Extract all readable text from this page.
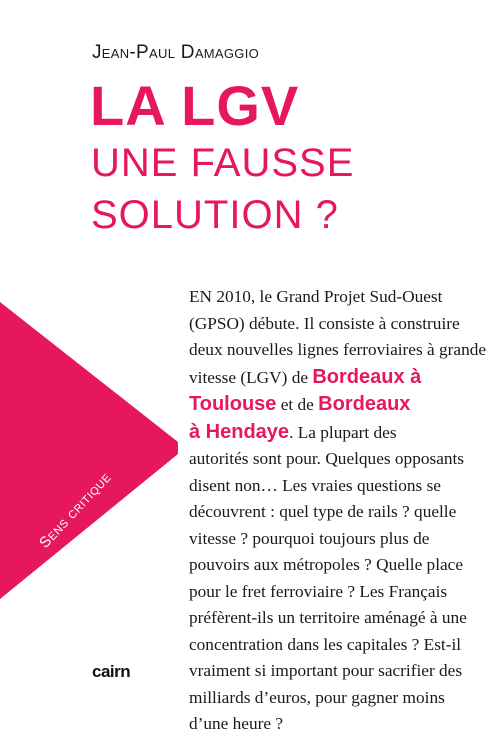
Jean-Paul Damaggio
LA LGV
UNE FAUSSE
SOLUTION ?
Sens critique
EN 2010, le Grand Projet Sud-Ouest
(GPSO) débute. Il consiste à construire
deux nouvelles lignes ferroviaires à grande
vitesse (LGV) de Bordeaux à
Toulouse et de Bordeaux
à Hendaye. La plupart des
autorités sont pour. Quelques opposants
disent non… Les vraies questions se
découvrent : quel type de rails ? quelle
vitesse ? pourquoi toujours plus de
pouvoirs aux métropoles ? Quelle place
pour le fret ferroviaire ? Les Français
préfèrent-ils un territoire aménagé à une
concentration dans les capitales ? Est-il
vraiment si important pour sacrifier des
milliards d’euros, pour gagner moins
d’une heure ?
cairn
